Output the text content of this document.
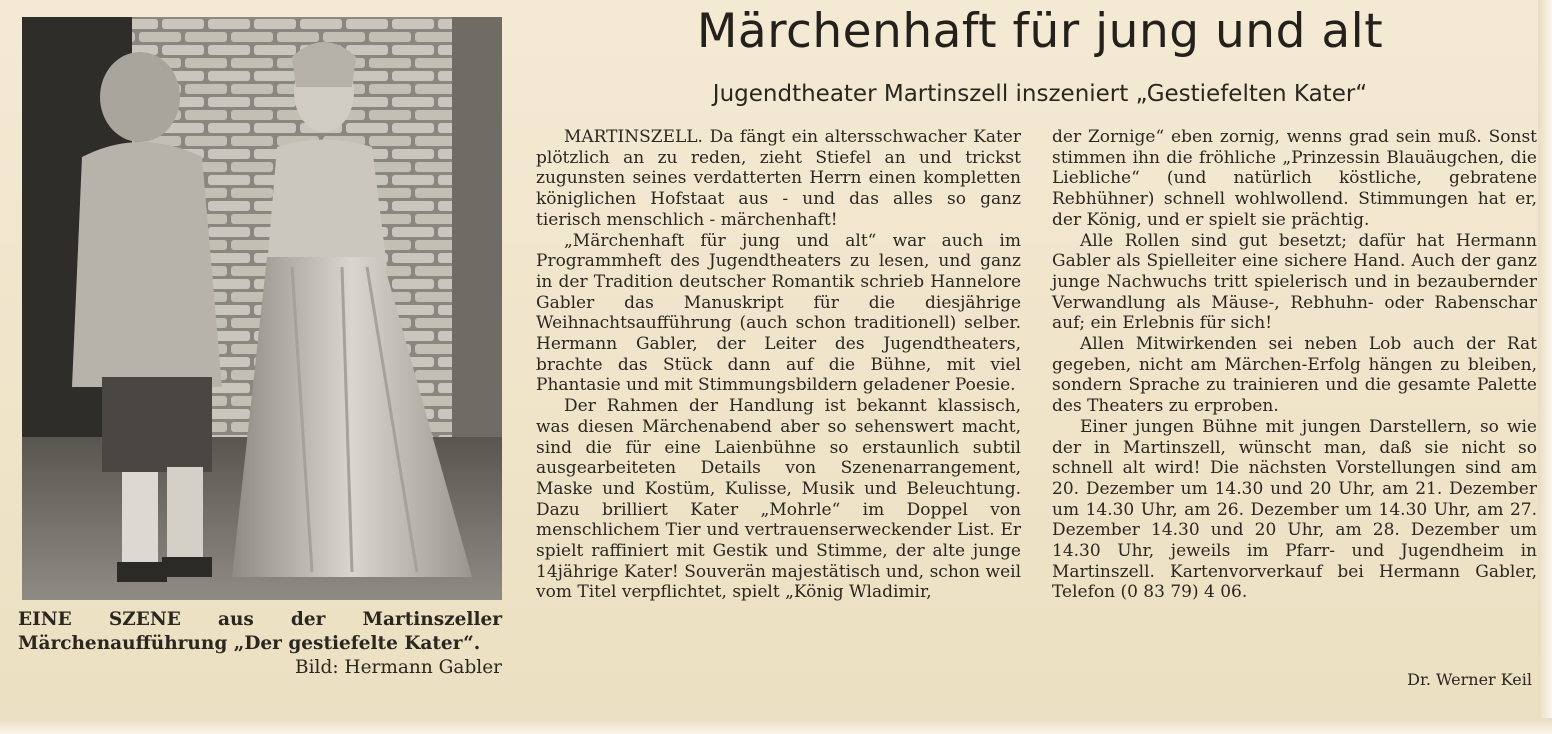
EINE SZENE aus der Martinszeller Märchenaufführung „Der gestiefelte Kater“.
Bild: Hermann Gabler
Märchenhaft für jung und alt
Jugendtheater Martinszell inszeniert „Gestiefelten Kater“

MARTINSZELL. Da fängt ein altersschwacher Kater plötzlich an zu reden, zieht Stiefel an und trickst zugunsten seines verdatterten Herrn einen kompletten königlichen Hofstaat aus - und das alles so ganz tierisch menschlich - märchenhaft!

„Märchenhaft für jung und alt“ war auch im Programmheft des Jugendtheaters zu lesen, und ganz in der Tradition deutscher Romantik schrieb Hannelore Gabler das Manuskript für die diesjährige Weihnachtsaufführung (auch schon traditionell) selber. Hermann Gabler, der Leiter des Jugendtheaters, brachte das Stück dann auf die Bühne, mit viel Phantasie und mit Stimmungsbildern geladener Poesie.

Der Rahmen der Handlung ist bekannt klassisch, was diesen Märchenabend aber so sehenswert macht, sind die für eine Laienbühne so erstaunlich subtil ausgearbeiteten Details von Szenenarrangement, Maske und Kostüm, Kulisse, Musik und Beleuchtung. Dazu brilliert Kater „Mohrle“ im Doppel von menschlichem Tier und vertrauenserweckender List. Er spielt raffiniert mit Gestik und Stimme, der alte junge 14jährige Kater! Souverän majestätisch und, schon weil vom Titel verpflichtet, spielt „König Wladimir,

der Zornige“ eben zornig, wenns grad sein muß. Sonst stimmen ihn die fröhliche „Prinzessin Blauäugchen, die Liebliche“ (und natürlich köstliche, gebratene Rebhühner) schnell wohlwollend. Stimmungen hat er, der König, und er spielt sie prächtig.

Alle Rollen sind gut besetzt; dafür hat Hermann Gabler als Spielleiter eine sichere Hand. Auch der ganz junge Nachwuchs tritt spielerisch und in bezaubernder Verwandlung als Mäuse-, Rebhuhn- oder Rabenschar auf; ein Erlebnis für sich!

Allen Mitwirkenden sei neben Lob auch der Rat gegeben, nicht am Märchen-Erfolg hängen zu bleiben, sondern Sprache zu trainieren und die gesamte Palette des Theaters zu erproben.

Einer jungen Bühne mit jungen Darstellern, so wie der in Martinszell, wünscht man, daß sie nicht so schnell alt wird! Die nächsten Vorstellungen sind am 20. Dezember um 14.30 und 20 Uhr, am 21. Dezember um 14.30 Uhr, am 26. Dezember um 14.30 Uhr, am 27. Dezember 14.30 und 20 Uhr, am 28. Dezember um 14.30 Uhr, jeweils im Pfarr- und Jugendheim in Martinszell. Kartenvorverkauf bei Hermann Gabler, Telefon (0 83 79) 4 06.

Dr. Werner Keil
